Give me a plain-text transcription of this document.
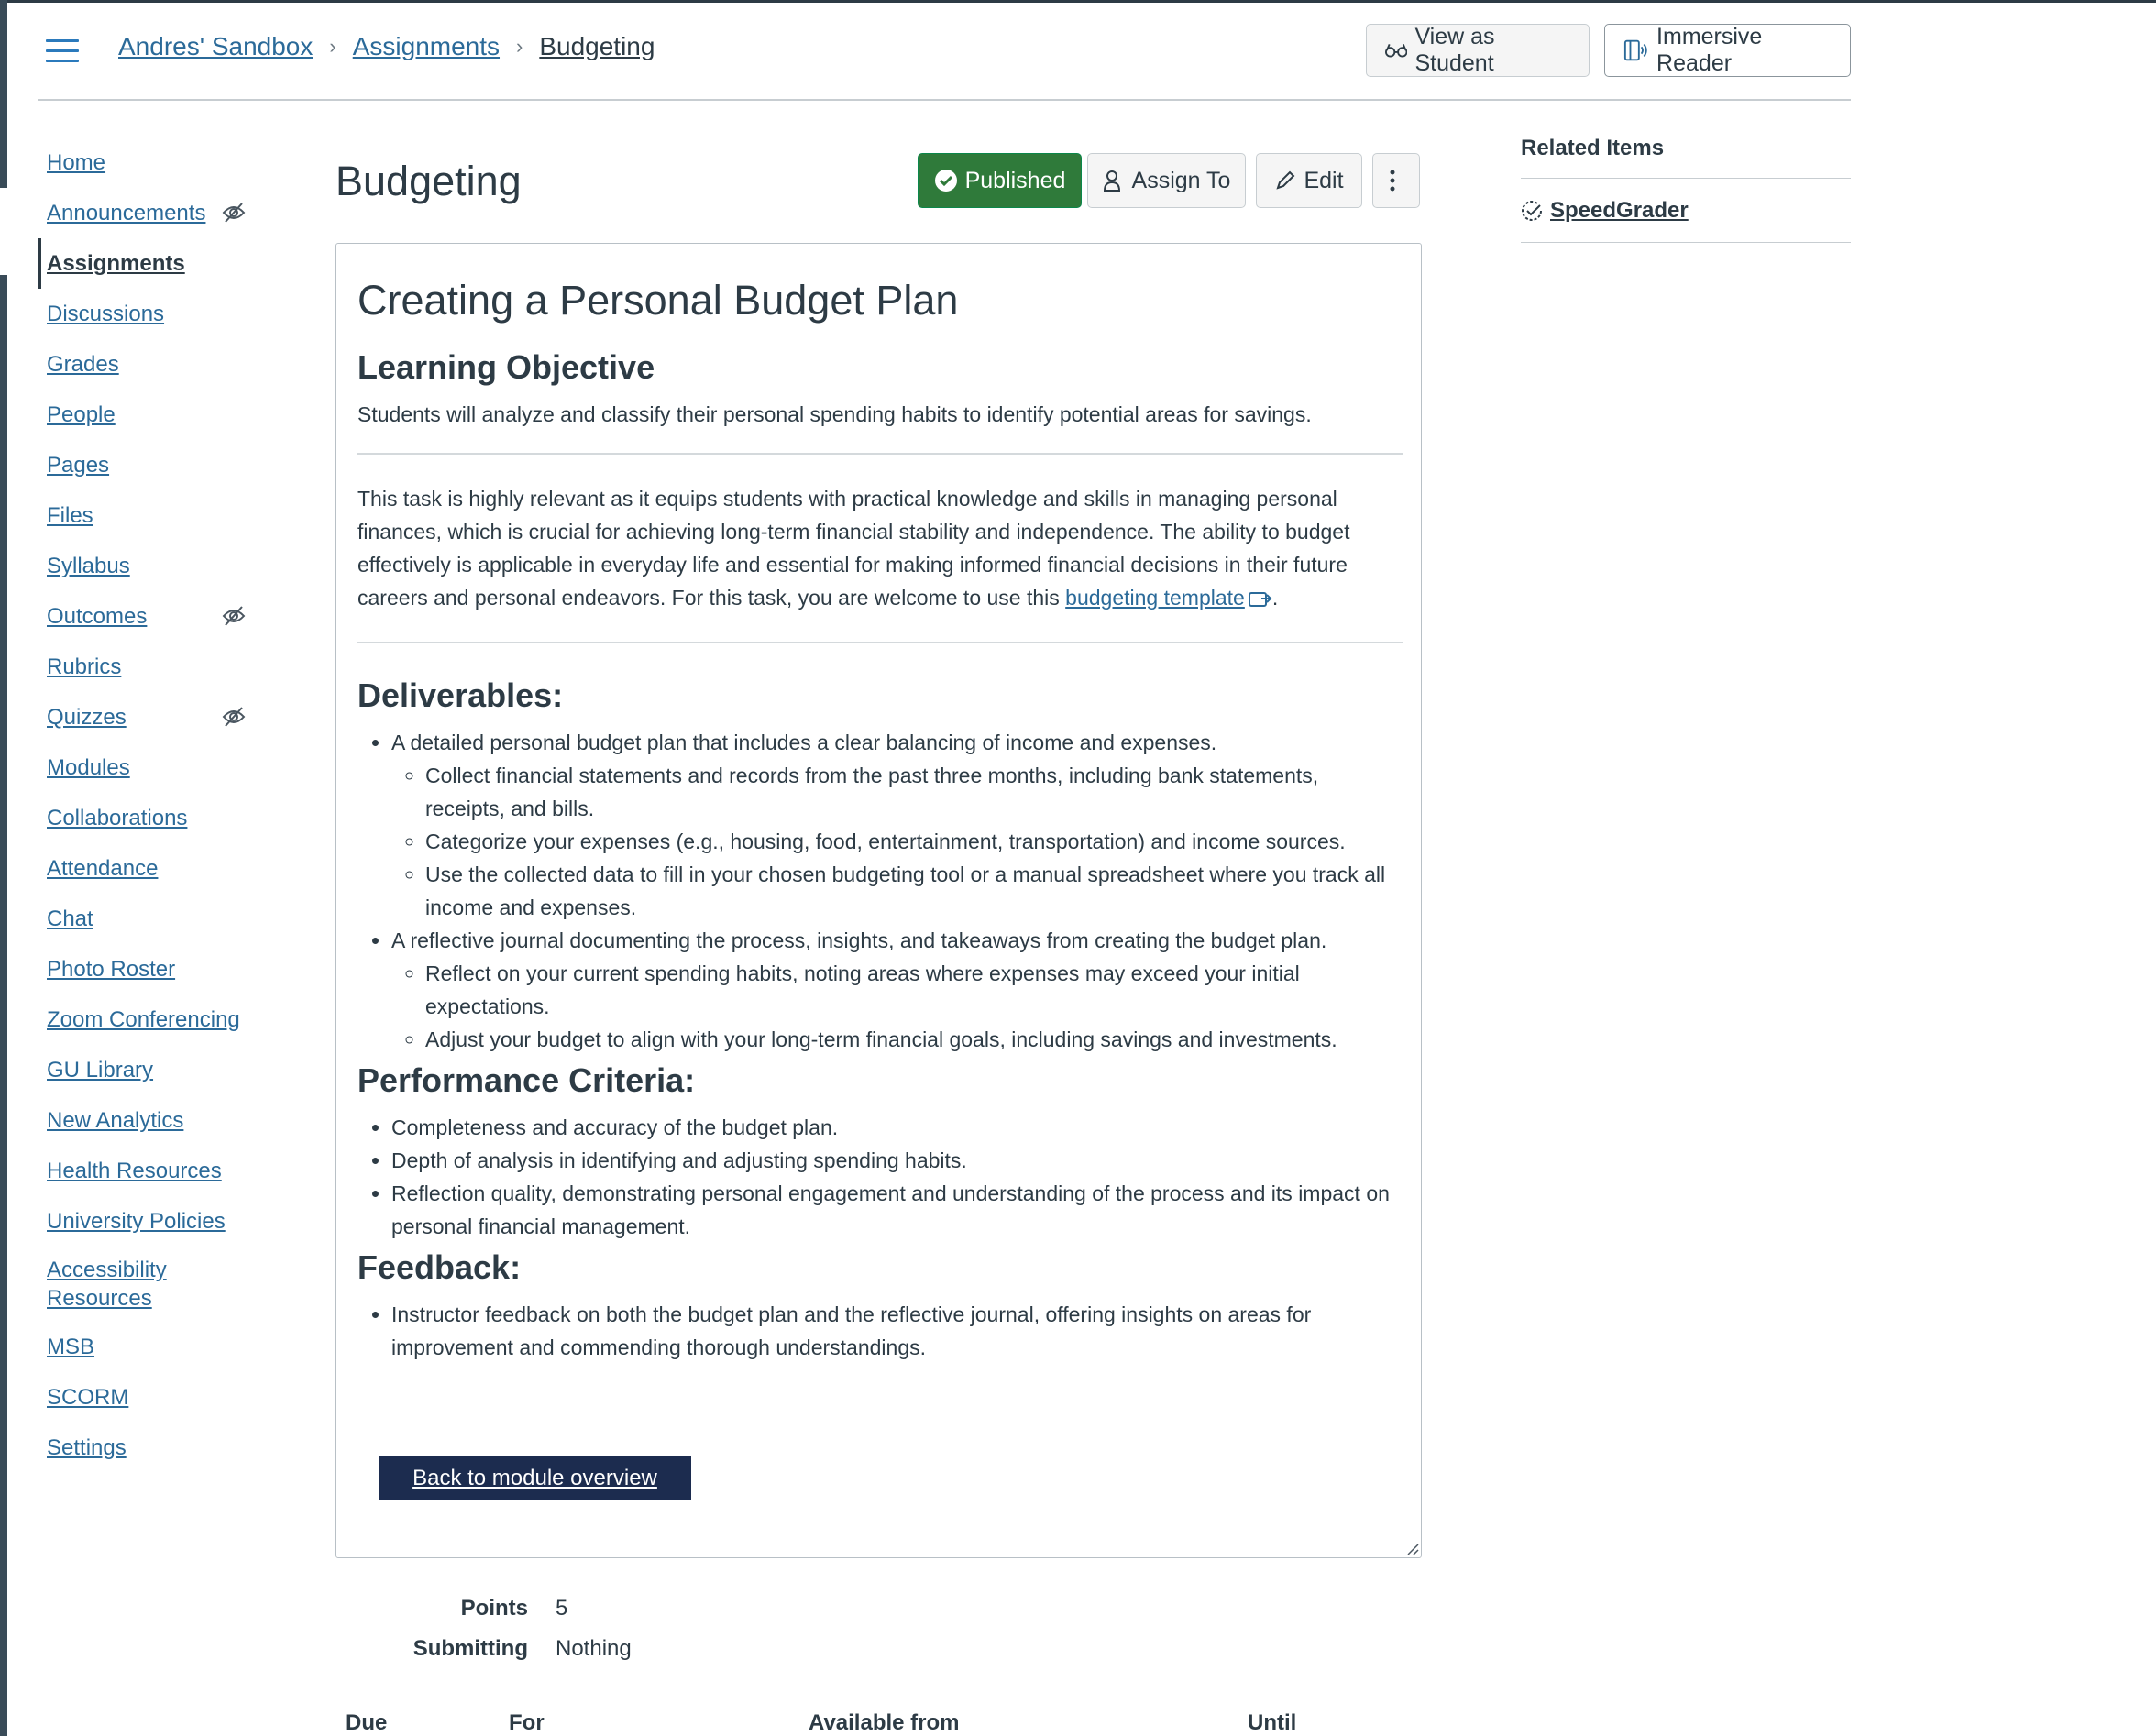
Andres' Sandbox › Assignments › Budgeting	View as Student
Immersive Reader
Home
Announcements
Assignments
Discussions
Grades
People
Pages
Files
Syllabus
Outcomes
Rubrics
Quizzes
Modules
Collaborations
Attendance
Chat
Photo Roster
Zoom Conferencing
GU Library
New Analytics
Health Resources
University Policies
Accessibility Resources
MSB
SCORM
Settings
Budgeting	Published	Assign To	Edit
Creating a Personal Budget Plan
Learning Objective

Students will analyze and classify their personal spending habits to identify potential areas for savings.

This task is highly relevant as it equips students with practical knowledge and skills in managing personal finances, which is crucial for achieving long-term financial stability and independence. The ability to budget effectively is applicable in everyday life and essential for making informed financial decisions in their future careers and personal endeavors. For this task, you are welcome to use this budgeting template .

Deliverables:
• A detailed personal budget plan that includes a clear balancing of income and expenses.
◦ Collect financial statements and records from the past three months, including bank statements, receipts, and bills.
◦ Categorize your expenses (e.g., housing, food, entertainment, transportation) and income sources.
◦ Use the collected data to fill in your chosen budgeting tool or a manual spreadsheet where you track all income and expenses.
• A reflective journal documenting the process, insights, and takeaways from creating the budget plan.
◦ Reflect on your current spending habits, noting areas where expenses may exceed your initial expectations.
◦ Adjust your budget to align with your long-term financial goals, including savings and investments.
Performance Criteria:
• Completeness and accuracy of the budget plan.
• Depth of analysis in identifying and adjusting spending habits.
• Reflection quality, demonstrating personal engagement and understanding of the process and its impact on personal financial management.
Feedback:
• Instructor feedback on both the budget plan and the reflective journal, offering insights on areas for improvement and commending thorough understandings.
Back to module overview
Points	5
Submitting	Nothing
Due	For	Available from	Until
Related Items
SpeedGrader
